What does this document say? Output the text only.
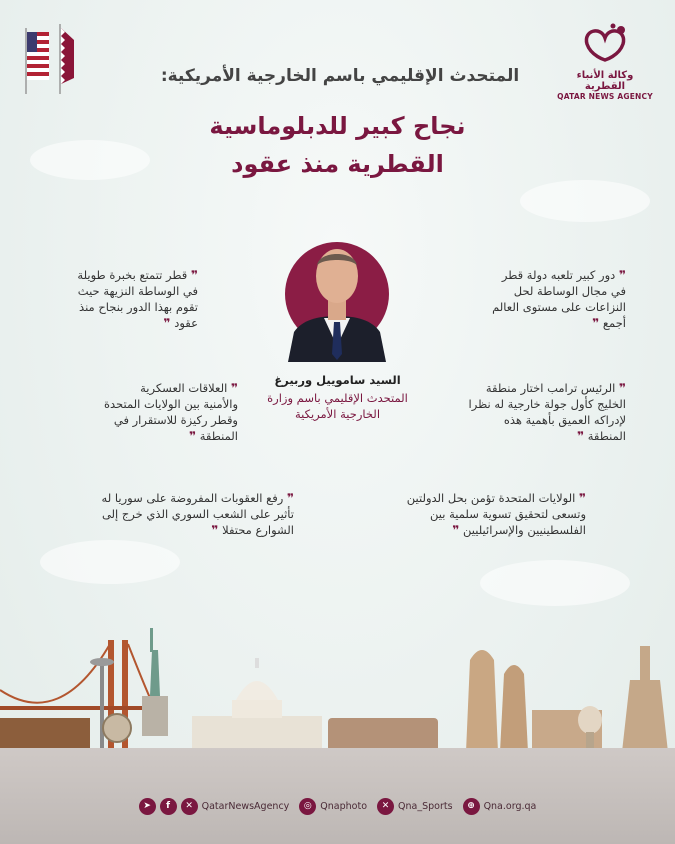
وكالة الأنباء القطرية
QATAR NEWS AGENCY
المتحدث الإقليمي باسم الخارجية الأمريكية:
نجاح كبير للدبلوماسية
القطرية منذ عقود
السيد ساموييل وربيرغ
المتحدث الإقليمي باسم وزارة
الخارجية الأمريكية
❞ قطر تتمتع بخبرة طويلة
في الوساطة النزيهة حيث
تقوم بهذا الدور بنجاح منذ
عقود ❞
❞ دور كبير تلعبه دولة قطر
في مجال الوساطة لحل
النزاعات على مستوى العالم
أجمع ❞
❞ العلاقات العسكرية
والأمنية بين الولايات المتحدة
وقطر ركيزة للاستقرار في
المنطقة ❞
❞ الرئيس ترامب اختار منطقة
الخليج كأول جولة خارجية له نظرا
لإدراكه العميق بأهمية هذه
المنطقة ❞
❞ رفع العقوبات المفروضة على سوريا له
تأثير على الشعب السوري الذي خرج إلى
الشوارع محتفلا ❞
❞ الولايات المتحدة تؤمن بحل الدولتين
وتسعى لتحقيق تسوية سلمية بين
الفلسطينيين والإسرائيليين ❞
➤	f	✕ QatarNewsAgency	◎ Qnaphoto	✕ Qna_Sports	⊕ Qna.org.qa
